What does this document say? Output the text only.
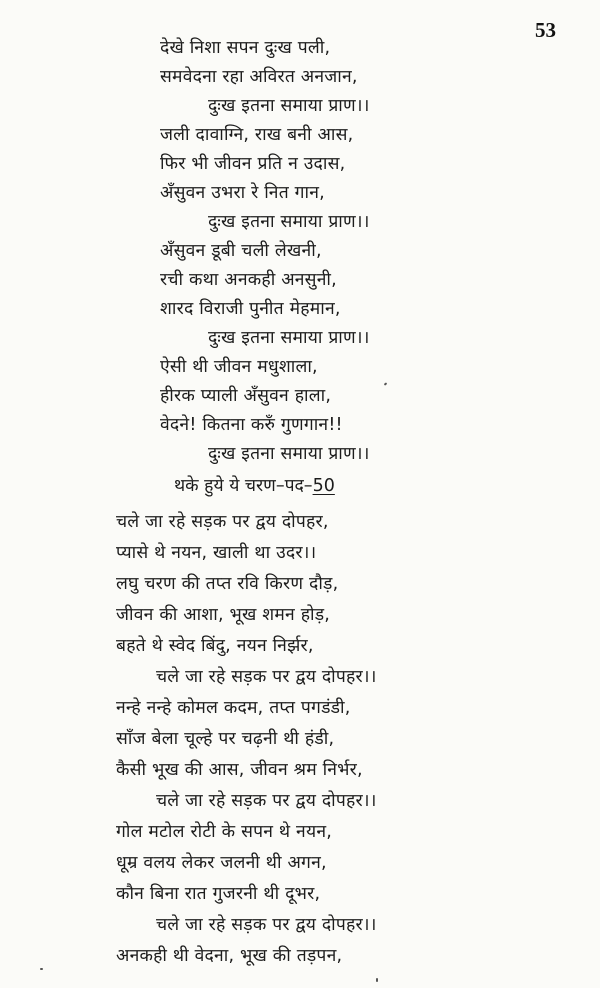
53
देखे निशा सपन दुःख पली,
समवेदना रहा अविरत अनजान,
दुःख इतना समाया प्राण।।
जली दावाग्नि, राख बनी आस,
फिर भी जीवन प्रति न उदास,
अँसुवन उभरा रे नित गान,
दुःख इतना समाया प्राण।।
अँसुवन डूबी चली लेखनी,
रची कथा अनकही अनसुनी,
शारद विराजी पुनीत मेहमान,
दुःख इतना समाया प्राण।।
ऐसी थी जीवन मधुशाला,
हीरक प्याली अँसुवन हाला,
वेदने! कितना करुँ गुणगान!!
दुःख इतना समाया प्राण।।
थके हुये ये चरण–पद–50
चले जा रहे सड़क पर द्वय दोपहर,
प्यासे थे नयन, खाली था उदर।।
लघु चरण की तप्त रवि किरण दौड़,
जीवन की आशा, भूख शमन होड़,
बहते थे स्वेद बिंदु, नयन निर्झर,
चले जा रहे सड़क पर द्वय दोपहर।।
नन्हे नन्हे कोमल कदम, तप्त पगडंडी,
साँज बेला चूल्हे पर चढ़नी थी हंडी,
कैसी भूख की आस, जीवन श्रम निर्भर,
चले जा रहे सड़क पर द्वय दोपहर।।
गोल मटोल रोटी के सपन थे नयन,
धूम्र वलय लेकर जलनी थी अगन,
कौन बिना रात गुजरनी थी दूभर,
चले जा रहे सड़क पर द्वय दोपहर।।
अनकही थी वेदना, भूख की तड़पन,
